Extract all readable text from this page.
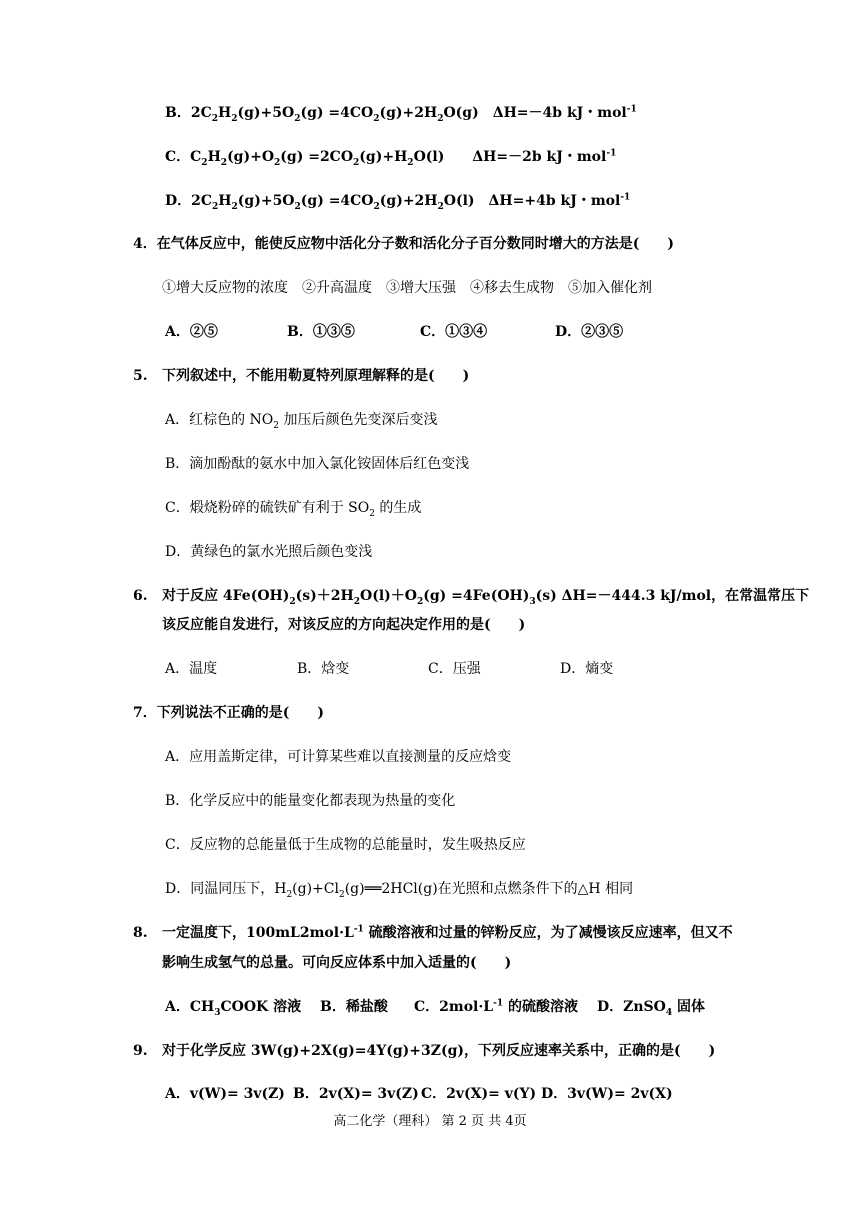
B．$2C_2H_2(g)+5O_2(g) =4CO_2(g)+2H_2O(g)$　ΔH=－4b kJ・mol$^{-1}$
C．$C_2H_2(g)+O_2(g) =2CO_2(g)+H_2O(l)$　　ΔH=－2b kJ・mol$^{-1}$
D．$2C_2H_2(g)+5O_2(g) =4CO_2(g)+2H_2O(l)$　ΔH=+4b kJ・mol$^{-1}$
4．在气体反应中，能使反应物中活化分子数和活化分子百分数同时增大的方法是(　　)
①增大反应物的浓度　②升高温度　③增大压强　④移去生成物　⑤加入催化剂
A．②⑤	B．①③⑤	C．①③④	D．②③⑤
5. 下列叙述中，不能用勒夏特列原理解释的是(　　)
A．红棕色的 $NO_2$ 加压后颜色先变深后变浅
B．滴加酚酞的氨水中加入氯化铵固体后红色变浅
C．煅烧粉碎的硫铁矿有利于 $SO_2$ 的生成
D．黄绿色的氯水光照后颜色变浅
6. 对于反应 $4Fe(OH)_2(s)+2H_2O(l)+O_2(g) =4Fe(OH)_3(s)$ ΔH=－444.3 kJ/mol，在常温常压下
该反应能自发进行，对该反应的方向起决定作用的是(　　)
A．温度	B．焓变	C．压强	D．熵变
7．下列说法不正确的是(　　)
A．应用盖斯定律，可计算某些难以直接测量的反应焓变
B．化学反应中的能量变化都表现为热量的变化
C．反应物的总能量低于生成物的总能量时，发生吸热反应
D．同温同压下，$H_2(g)+Cl_2(g)══2HCl(g)$在光照和点燃条件下的△H 相同
8. 一定温度下，$100mL2mol\cdot L^{-1}$ 硫酸溶液和过量的锌粉反应，为了减慢该反应速率，但又不
影响生成氢气的总量。可向反应体系中加入适量的(　　)
A．$CH_3COOK$ 溶液 B．稀盐酸 C．$2mol\cdot L^{-1}$ 的硫酸溶液 D．ZnSO$_4$ 固体
9. 对于化学反应 3W(g)+2X(g)=4Y(g)+3Z(g)，下列反应速率关系中，正确的是(　　)
A．v(W)= 3v(Z) B．2v(X)= 3v(Z) C．2v(X)= v(Y) D．3v(W)= 2v(X)
高二化学（理科） 第 2 页 共 4页
